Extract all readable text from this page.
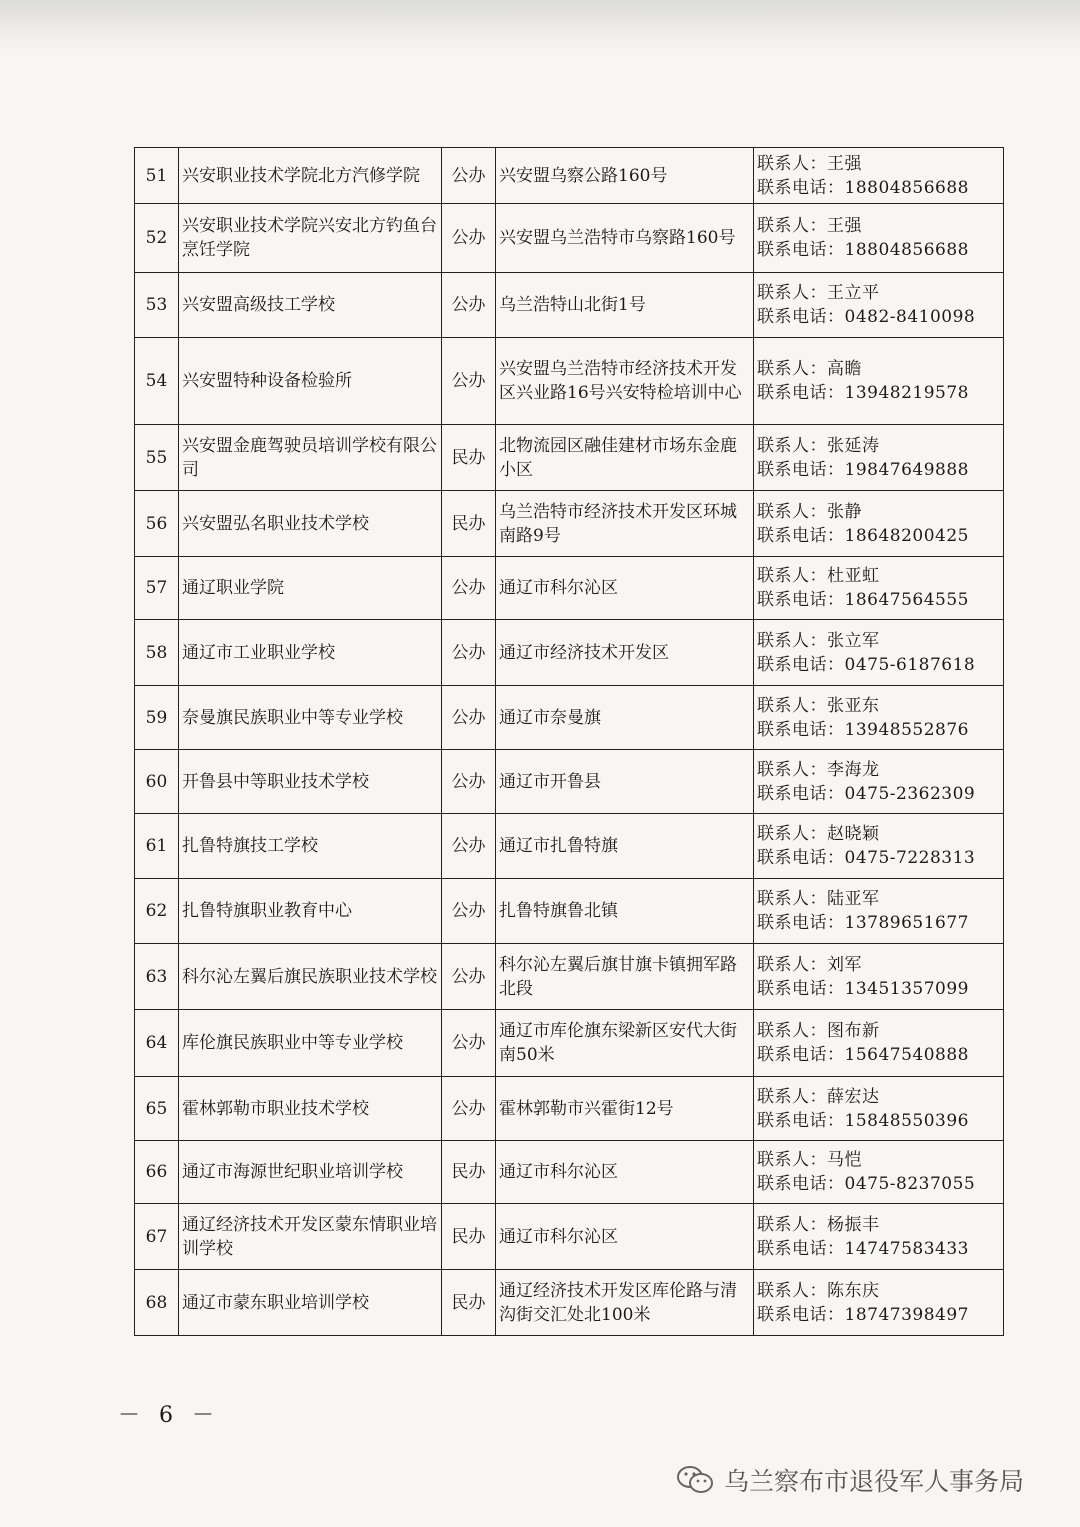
51	兴安职业技术学院北方汽修学院	公办	兴安盟乌察公路160号	联系人：王强
联系电话：18804856688

52	兴安职业技术学院兴安北方钓鱼台烹饪学院	公办	兴安盟乌兰浩特市乌察路160号	联系人：王强
联系电话：18804856688

53	兴安盟高级技工学校	公办	乌兰浩特山北街1号	联系人：王立平
联系电话：0482-8410098

54	兴安盟特种设备检验所	公办	兴安盟乌兰浩特市经济技术开发区兴业路16号兴安特检培训中心	联系人：高瞻
联系电话：13948219578

55	兴安盟金鹿驾驶员培训学校有限公司	民办	北物流园区融佳建材市场东金鹿小区	联系人：张延涛
联系电话：19847649888

56	兴安盟弘名职业技术学校	民办	乌兰浩特市经济技术开发区环城南路9号	联系人：张静
联系电话：18648200425

57	通辽职业学院	公办	通辽市科尔沁区	联系人：杜亚虹
联系电话：18647564555

58	通辽市工业职业学校	公办	通辽市经济技术开发区	联系人：张立军
联系电话：0475-6187618

59	奈曼旗民族职业中等专业学校	公办	通辽市奈曼旗	联系人：张亚东
联系电话：13948552876

60	开鲁县中等职业技术学校	公办	通辽市开鲁县	联系人：李海龙
联系电话：0475-2362309

61	扎鲁特旗技工学校	公办	通辽市扎鲁特旗	联系人：赵晓颖
联系电话：0475-7228313

62	扎鲁特旗职业教育中心	公办	扎鲁特旗鲁北镇	联系人：陆亚军
联系电话：13789651677

63	科尔沁左翼后旗民族职业技术学校	公办	科尔沁左翼后旗甘旗卡镇拥军路北段	联系人：刘军
联系电话：13451357099

64	库伦旗民族职业中等专业学校	公办	通辽市库伦旗东梁新区安代大街南50米	联系人：图布新
联系电话：15647540888

65	霍林郭勒市职业技术学校	公办	霍林郭勒市兴霍街12号	联系人：薛宏达
联系电话：15848550396

66	通辽市海源世纪职业培训学校	民办	通辽市科尔沁区	联系人：马恺
联系电话：0475-8237055

67	通辽经济技术开发区蒙东情职业培训学校	民办	通辽市科尔沁区	联系人：杨振丰
联系电话：14747583433

68	通辽市蒙东职业培训学校	民办	通辽经济技术开发区库伦路与清沟街交汇处北100米	联系人：陈东庆
联系电话：18747398497
－ 6 －
乌兰察布市退役军人事务局
